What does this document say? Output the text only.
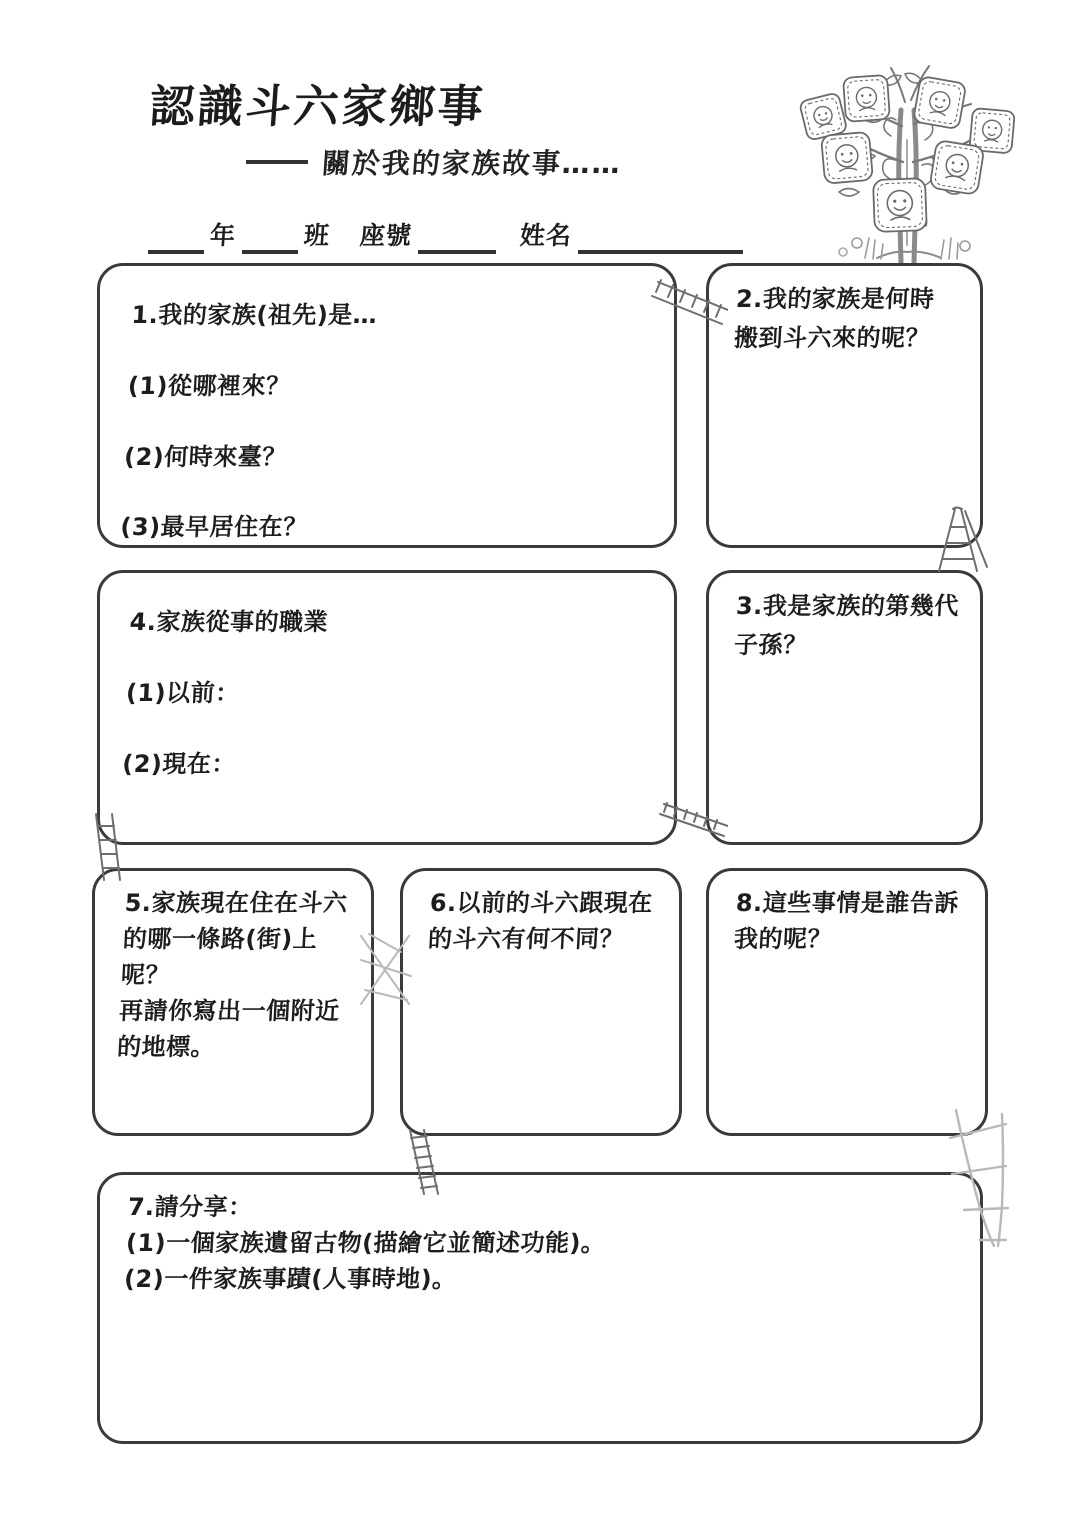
認識斗六家鄉事
關於我的家族故事……
年	班 座號	姓名
1.我的家族(祖先)是…
(1)從哪裡來？
(2)何時來臺？
(3)最早居住在？
2.我的家族是何時
搬到斗六來的呢？
4.家族從事的職業
(1)以前：
(2)現在：
3.我是家族的第幾代
子孫？
5.家族現在住在斗六
的哪一條路(街)上呢？
再請你寫出一個附近
的地標。
6.以前的斗六跟現在
的斗六有何不同？
8.這些事情是誰告訴
我的呢？
7.請分享：
(1)一個家族遺留古物(描繪它並簡述功能)。
(2)一件家族事蹟(人事時地)。
